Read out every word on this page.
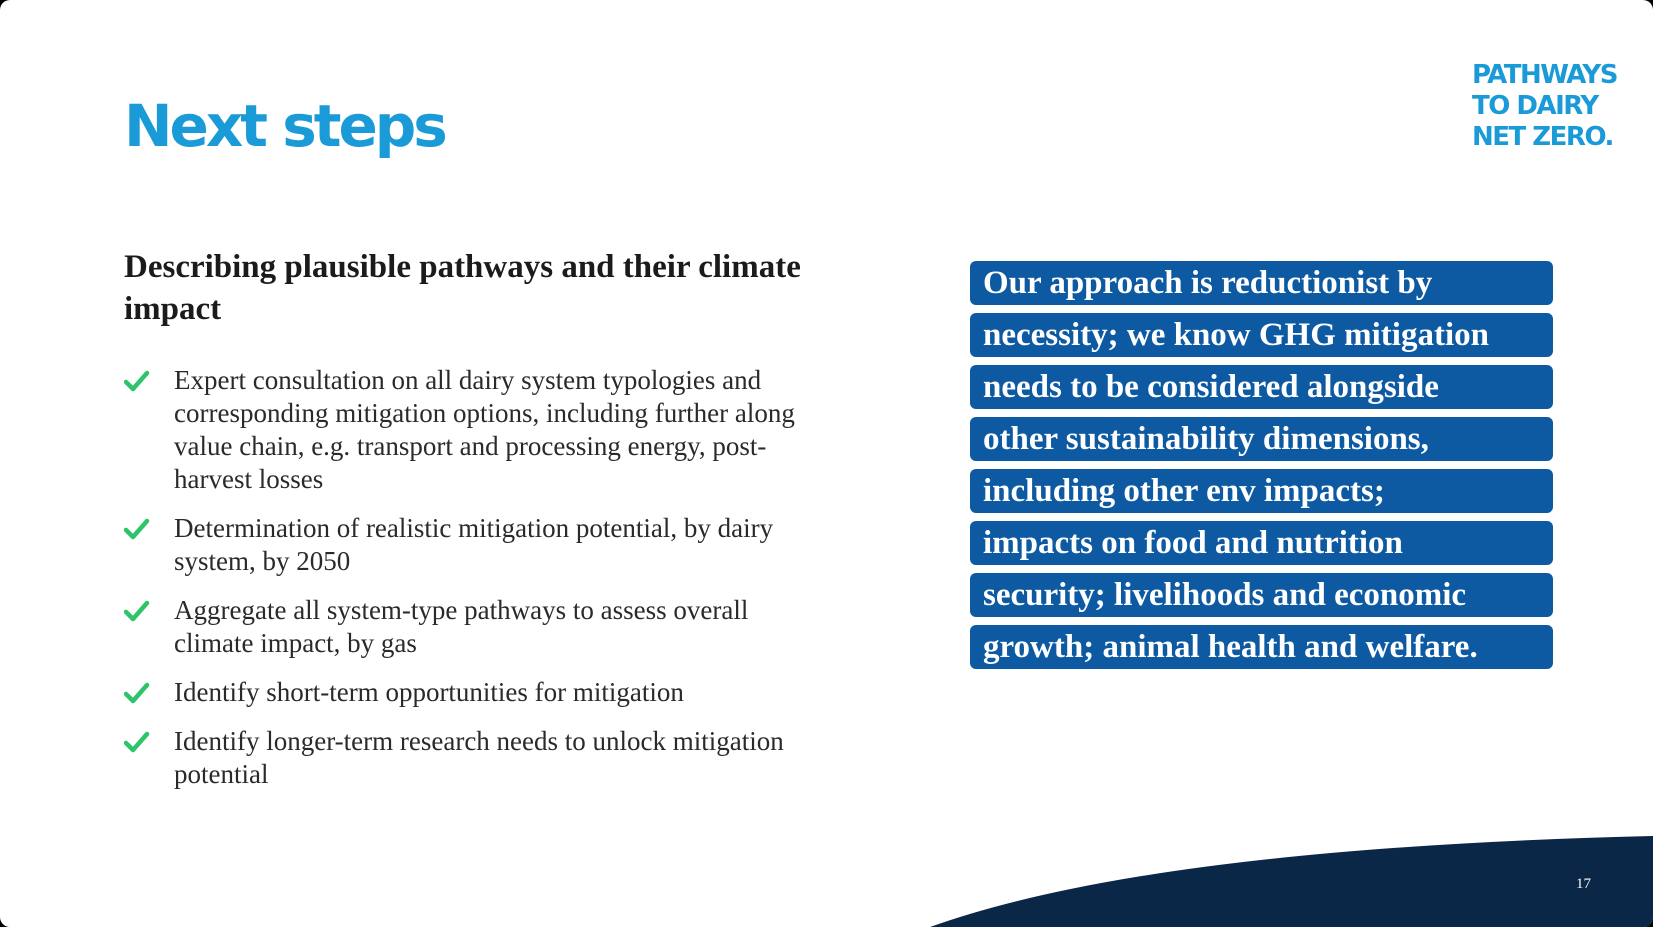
Next steps
PATHWAYS
TO DAIRY
NET ZERO.
Describing plausible pathways and their climate impact
Expert consultation on all dairy system typologies and corresponding mitigation options, including further along value chain, e.g. transport and processing energy, post-harvest losses
Determination of realistic mitigation potential, by dairy system, by 2050
Aggregate all system-type pathways to assess overall climate impact, by gas
Identify short-term opportunities for mitigation
Identify longer-term research needs to unlock mitigation potential
Our approach is reductionist by
necessity; we know GHG mitigation
needs to be considered alongside
other sustainability dimensions,
including other env impacts;
impacts on food and nutrition
security; livelihoods and economic
growth; animal health and welfare.
17
